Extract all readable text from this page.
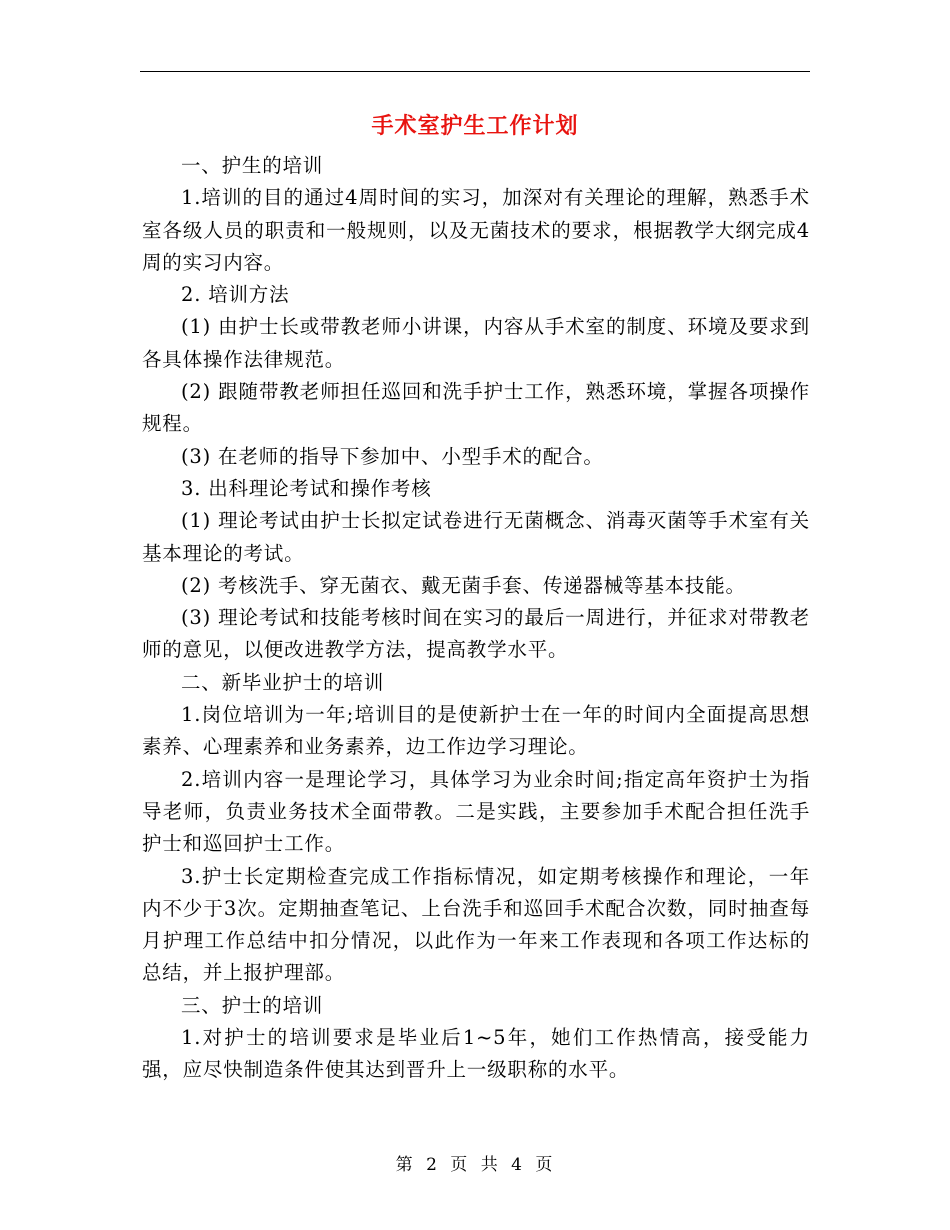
手术室护生工作计划

一、护生的培训

1.培训的目的通过4周时间的实习，加深对有关理论的理解，熟悉手术室各级人员的职责和一般规则，以及无菌技术的要求，根据教学大纲完成4周的实习内容。

2. 培训方法

(1) 由护士长或带教老师小讲课，内容从手术室的制度、环境及要求到各具体操作法律规范。

(2) 跟随带教老师担任巡回和洗手护士工作，熟悉环境，掌握各项操作规程。

(3) 在老师的指导下参加中、小型手术的配合。

3. 出科理论考试和操作考核

(1) 理论考试由护士长拟定试卷进行无菌概念、消毒灭菌等手术室有关基本理论的考试。

(2) 考核洗手、穿无菌衣、戴无菌手套、传递器械等基本技能。

(3) 理论考试和技能考核时间在实习的最后一周进行，并征求对带教老师的意见，以便改进教学方法，提高教学水平。

二、新毕业护士的培训

1.岗位培训为一年;培训目的是使新护士在一年的时间内全面提高思想素养、心理素养和业务素养，边工作边学习理论。

2.培训内容一是理论学习，具体学习为业余时间;指定高年资护士为指导老师，负责业务技术全面带教。二是实践，主要参加手术配合担任洗手护士和巡回护士工作。

3.护士长定期检查完成工作指标情况，如定期考核操作和理论，一年内不少于3次。定期抽查笔记、上台洗手和巡回手术配合次数，同时抽查每月护理工作总结中扣分情况，以此作为一年来工作表现和各项工作达标的总结，并上报护理部。

三、护士的培训

1.对护士的培训要求是毕业后1~5年，她们工作热情高，接受能力强，应尽快制造条件使其达到晋升上一级职称的水平。

第 2 页 共 4 页
